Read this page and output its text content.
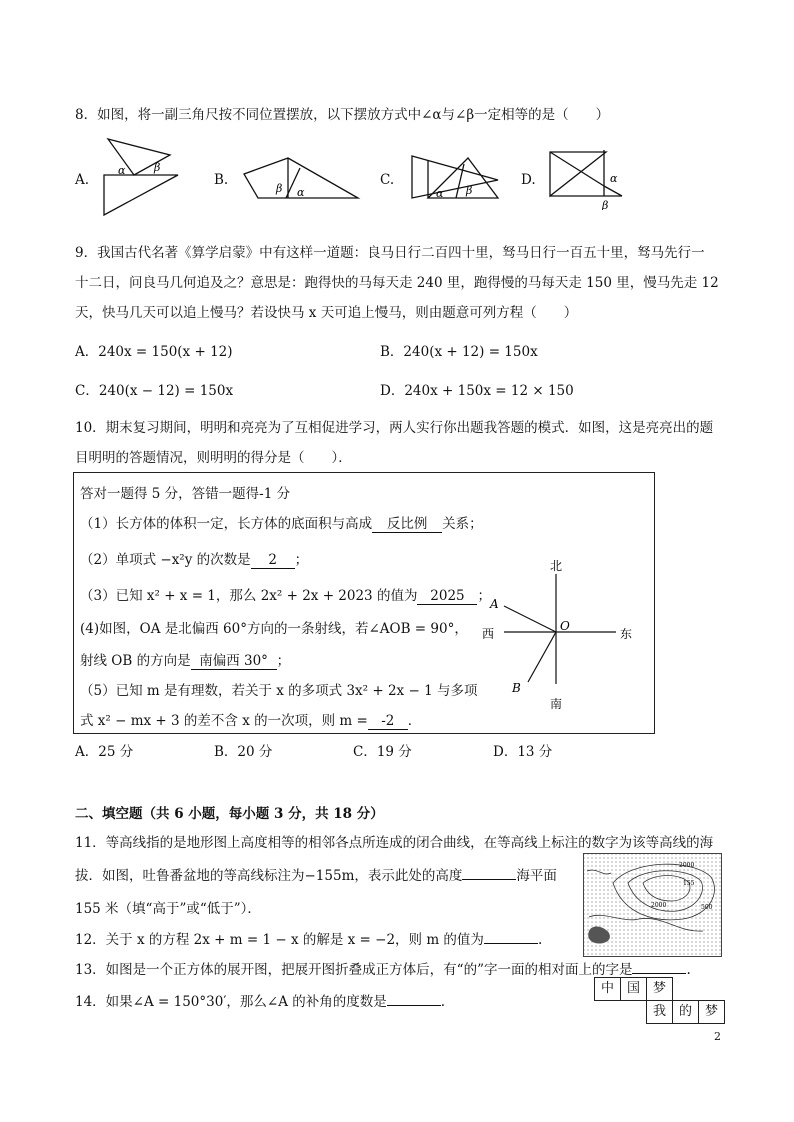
8．如图，将一副三角尺按不同位置摆放，以下摆放方式中∠α与∠β一定相等的是（　　）
A.
α	β
B.
β α
C.
α β
D.	α
β
9．我国古代名著《算学启蒙》中有这样一道题：良马日行二百四十里，驽马日行一百五十里，驽马先行一
十二日，问良马几何追及之？意思是：跑得快的马每天走 240 里，跑得慢的马每天走 150 里，慢马先走 12
天，快马几天可以追上慢马？若设快马 x 天可追上慢马，则由题意可列方程（　　）
A．240x = 150(x + 12)	B．240(x + 12) = 150x
C．240(x − 12) = 150x	D．240x + 150x = 12 × 150
10．期末复习期间，明明和亮亮为了互相促进学习，两人实行你出题我答题的模式．如图，这是亮亮出的题
目明明的答题情况，则明明的得分是（　　）．
答对一题得 5 分，答错一题得-1 分
（1）长方体的体积一定，长方体的底面积与高成 反比例 关系；
（2）单项式 −x²y 的次数是 2 ；
（3）已知 x² + x = 1，那么 2x² + 2x + 2023 的值为 2025 ；
(4)如图，OA 是北偏西 60°方向的一条射线，若∠AOB = 90°，
射线 OB 的方向是 南偏西 30° ；
（5）已知 m 是有理数，若关于 x 的多项式 3x² + 2x − 1 与多项
式 x² − mx + 3 的差不含 x 的一次项，则 m = -2 ．
北
南
西	东
O
A
B
A．25 分	B．20 分	C．19 分	D．13 分
二、填空题（共 6 小题，每小题 3 分，共 18 分）
11．等高线指的是地形图上高度相等的相邻各点所连成的闭合曲线，在等高线上标注的数字为该等高线的海
拔．如图，吐鲁番盆地的等高线标注为−155m，表示此处的高度	海平面
155 米（填“高于”或“低于”）．
2000
155
500
2000
12．关于 x 的方程 2x + m = 1 − x 的解是 x = −2，则 m 的值为	.
13．如图是一个正方体的展开图，把展开图折叠成正方体后，有“的”字一面的相对面上的字是	.
14．如果∠A = 150°30′，那么∠A 的补角的度数是	.
中 国 梦
我 的 梦
2
